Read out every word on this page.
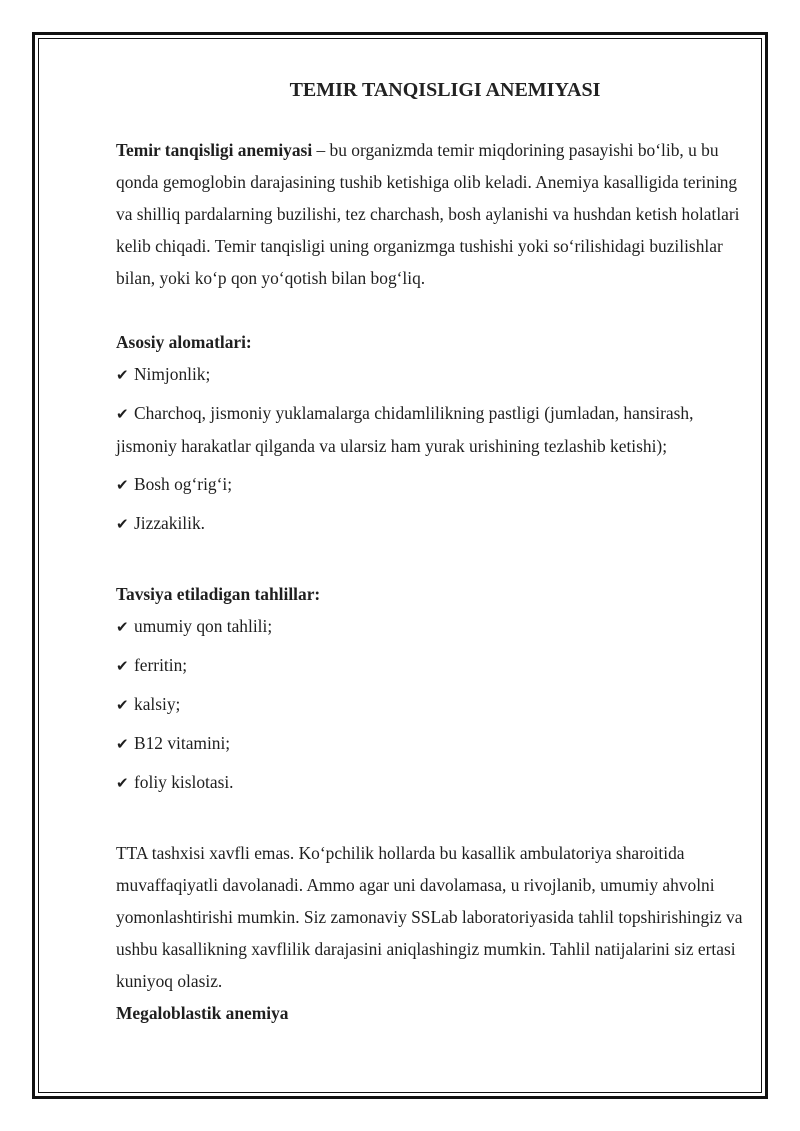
TEMIR TANQISLIGI ANEMIYASI

Temir tanqisligi anemiyasi – bu organizmda temir miqdorining pasayishi bo‘lib, u bu qonda gemoglobin darajasining tushib ketishiga olib keladi. Anemiya kasalligida terining va shilliq pardalarning buzilishi, tez charchash, bosh aylanishi va hushdan ketish holatlari kelib chiqadi. Temir tanqisligi uning organizmga tushishi yoki so‘rilishidagi buzilishlar bilan, yoki ko‘p qon yo‘qotish bilan bog‘liq.

Asosiy alomatlari:

✔ Nimjonlik;
✔ Charchoq, jismoniy yuklamalarga chidamlilikning pastligi (jumladan, hansirash, jismoniy harakatlar qilganda va ularsiz ham yurak urishining tezlashib ketishi);
✔ Bosh og‘rig‘i;
✔ Jizzakilik.

Tavsiya etiladigan tahlillar:

✔ umumiy qon tahlili;
✔ ferritin;
✔ kalsiy;
✔ B12 vitamini;
✔ foliy kislotasi.

TTA tashxisi xavfli emas. Ko‘pchilik hollarda bu kasallik ambulatoriya sharoitida muvaffaqiyatli davolanadi. Ammo agar uni davolamasa, u rivojlanib, umumiy ahvolni yomonlashtirishi mumkin. Siz zamonaviy SSLab laboratoriyasida tahlil topshirishingiz va ushbu kasallikning xavflilik darajasini aniqlashingiz mumkin. Tahlil natijalarini siz ertasi kuniyoq olasiz.

Megaloblastik anemiya
